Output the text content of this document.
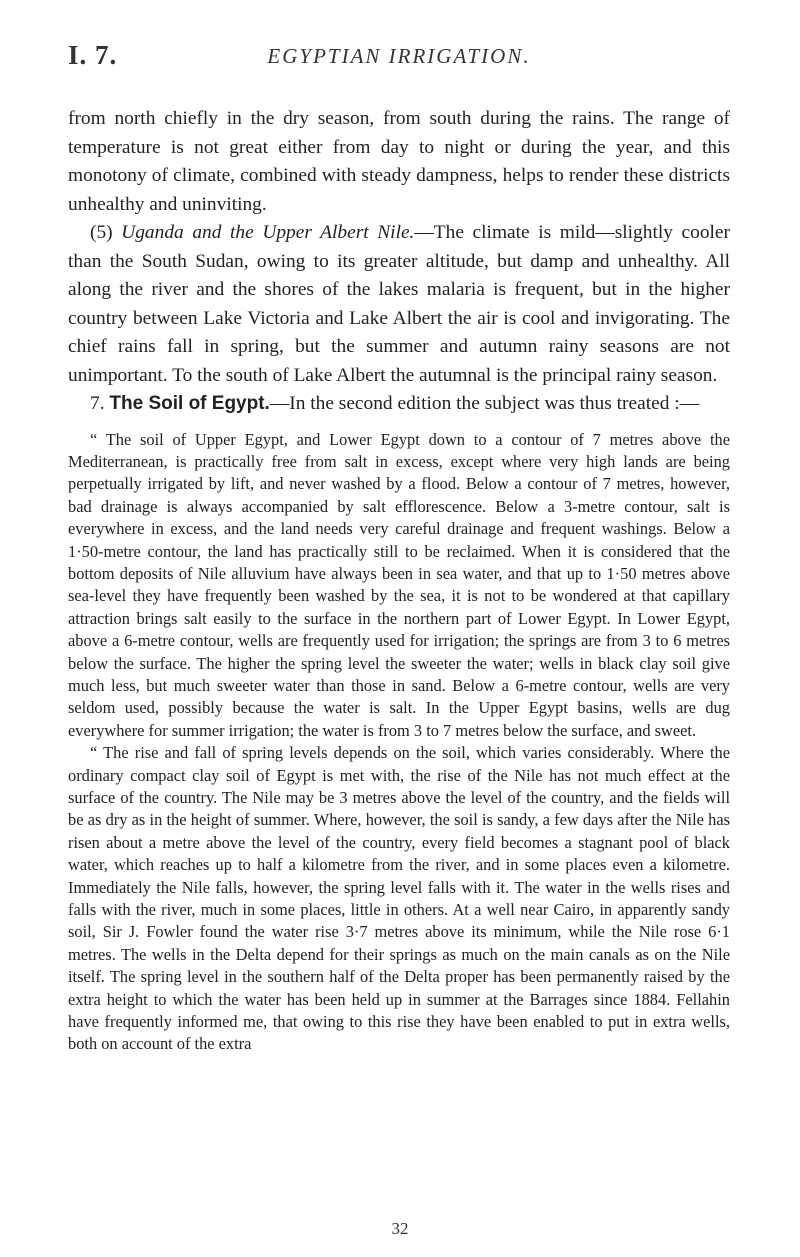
I. 7.	EGYPTIAN IRRIGATION.

from north chiefly in the dry season, from south during the rains. The range of temperature is not great either from day to night or during the year, and this monotony of climate, combined with steady dampness, helps to render these districts unhealthy and uninviting.

(5) Uganda and the Upper Albert Nile.—The climate is mild—slightly cooler than the South Sudan, owing to its greater altitude, but damp and unhealthy. All along the river and the shores of the lakes malaria is frequent, but in the higher country between Lake Victoria and Lake Albert the air is cool and invigorating. The chief rains fall in spring, but the summer and autumn rainy seasons are not unimportant. To the south of Lake Albert the autumnal is the principal rainy season.

7. The Soil of Egypt.—In the second edition the subject was thus treated :—

“ The soil of Upper Egypt, and Lower Egypt down to a contour of 7 metres above the Mediterranean, is practically free from salt in excess, except where very high lands are being perpetually irrigated by lift, and never washed by a flood. Below a contour of 7 metres, however, bad drainage is always accompanied by salt efflorescence. Below a 3-metre contour, salt is everywhere in excess, and the land needs very careful drainage and frequent washings. Below a 1·50-metre contour, the land has practically still to be reclaimed. When it is considered that the bottom deposits of Nile alluvium have always been in sea water, and that up to 1·50 metres above sea-level they have frequently been washed by the sea, it is not to be wondered at that capillary attraction brings salt easily to the surface in the northern part of Lower Egypt. In Lower Egypt, above a 6-metre contour, wells are frequently used for irrigation; the springs are from 3 to 6 metres below the surface. The higher the spring level the sweeter the water; wells in black clay soil give much less, but much sweeter water than those in sand. Below a 6-metre contour, wells are very seldom used, possibly because the water is salt. In the Upper Egypt basins, wells are dug everywhere for summer irrigation; the water is from 3 to 7 metres below the surface, and sweet.

“ The rise and fall of spring levels depends on the soil, which varies considerably. Where the ordinary compact clay soil of Egypt is met with, the rise of the Nile has not much effect at the surface of the country. The Nile may be 3 metres above the level of the country, and the fields will be as dry as in the height of summer. Where, however, the soil is sandy, a few days after the Nile has risen about a metre above the level of the country, every field becomes a stagnant pool of black water, which reaches up to half a kilometre from the river, and in some places even a kilometre. Immediately the Nile falls, however, the spring level falls with it. The water in the wells rises and falls with the river, much in some places, little in others. At a well near Cairo, in apparently sandy soil, Sir J. Fowler found the water rise 3·7 metres above its minimum, while the Nile rose 6·1 metres. The wells in the Delta depend for their springs as much on the main canals as on the Nile itself. The spring level in the southern half of the Delta proper has been permanently raised by the extra height to which the water has been held up in summer at the Barrages since 1884. Fellahin have frequently informed me, that owing to this rise they have been enabled to put in extra wells, both on account of the extra

32
